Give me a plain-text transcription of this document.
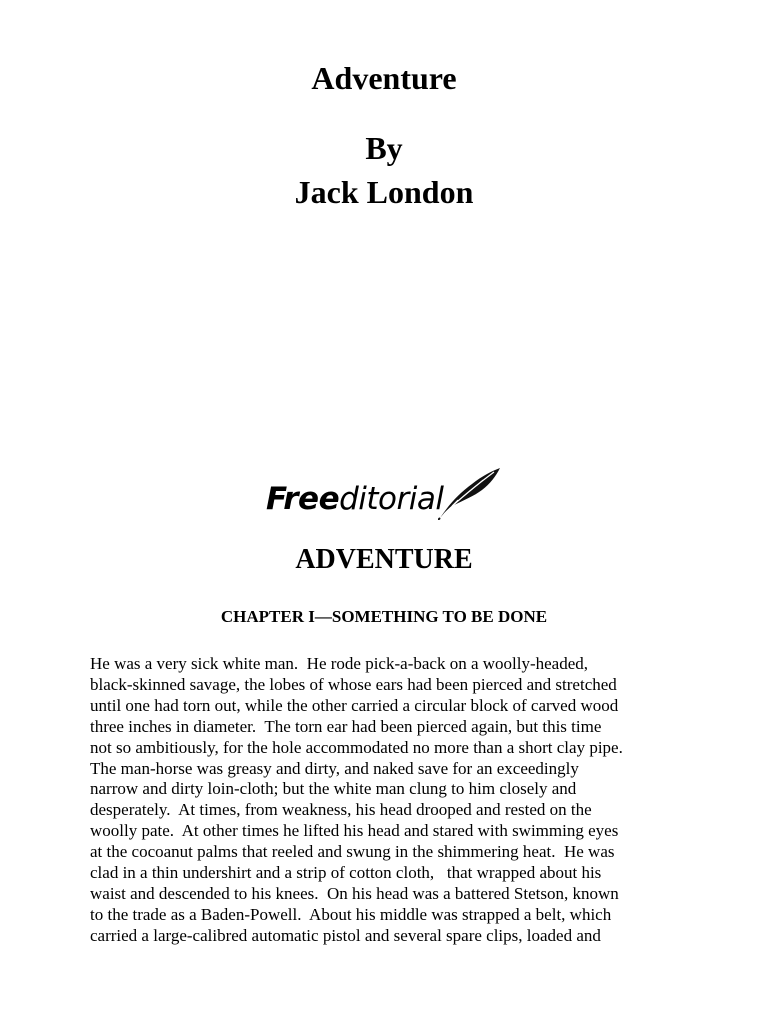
Adventure
By
Jack London
Freeditorial
ADVENTURE
CHAPTER I—SOMETHING TO BE DONE
He was a very sick white man.  He rode pick-a-back on a woolly-headed,
black-skinned savage, the lobes of whose ears had been pierced and stretched
until one had torn out, while the other carried a circular block of carved wood
three inches in diameter.  The torn ear had been pierced again, but this time
not so ambitiously, for the hole accommodated no more than a short clay pipe.
The man-horse was greasy and dirty, and naked save for an exceedingly
narrow and dirty loin-cloth; but the white man clung to him closely and
desperately.  At times, from weakness, his head drooped and rested on the
woolly pate.  At other times he lifted his head and stared with swimming eyes
at the cocoanut palms that reeled and swung in the shimmering heat.  He was
clad in a thin undershirt and a strip of cotton cloth,   that wrapped about his
waist and descended to his knees.  On his head was a battered Stetson, known
to the trade as a Baden-Powell.  About his middle was strapped a belt, which
carried a large-calibred automatic pistol and several spare clips, loaded and
